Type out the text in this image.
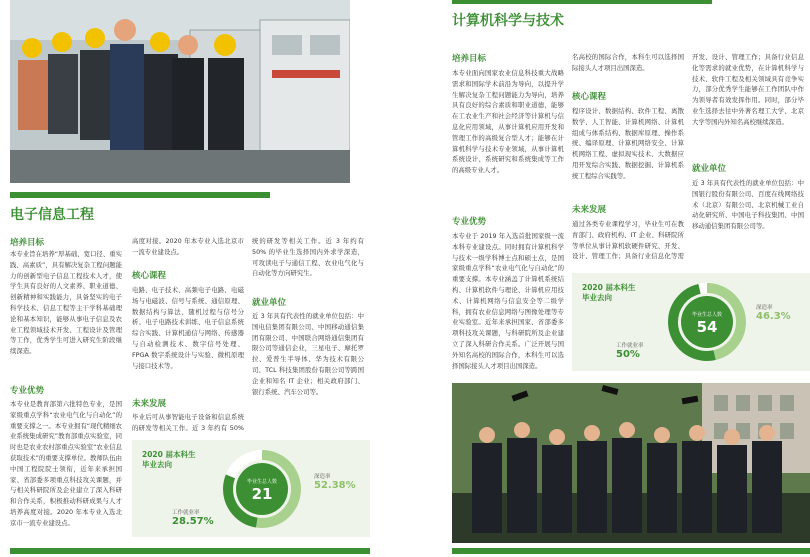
电子信息工程
培养目标
本专业旨在培养“厚基础、宽口径、重实践、高素质”，具有解决复杂工程问题能力的创新型电子信息工程技术人才，使学生具有良好的人文素养、职业道德、创新精神和实践能力，具备坚实的电子科学技术、信息工程等主干学科基础理论和基本知识，能够从事电子信息及农业工程领域技术开发、工程设计及管理等工作，优秀学生可进入研究生阶段继续深造。
专业优势
本专业是教育部第六批特色专业，是国家级重点学科“农业电气化与自动化”的重要支撑之一。本专业拥有“现代精细农业系统集成研究”教育部重点实验室，同时也是农业农村部重点实验室“农业信息获取技术”的重要支撑单位。教师队伍由中国工程院院士领衔，近年来承担国家、省部委多项重点科技攻关课题，并与相关科研院所及企业建立了深入科研和合作关系，积极推动科研成果与人才培养高度对接。2020 年本专业入选北京市一流专业建设点。
高度对接。2020 年本专业入选北京市一流专业建设点。
核心课程
电路、电子技术、高频电子电路、电磁场与电磁波、信号与系统、通信原理、数据结构与算法、随机过程与信号分析、电子电路技术训练、电子信息系统综合实践、计算机通信与网络、传感器与自动检测技术、数字信号处理、FPGA 数字系统设计与实验、微机原理与接口技术等。
未来发展
毕业后可从事智能电子设备和信息系统的研发等相关工作。近 3 年约有 50%
统的研发等相关工作。近 3 年约有 50% 的毕业生选择国内外求学深造，可攻读电子与通信工程、农业电气化与自动化等方向研究生。
就业单位
近 3 年具有代表性的就业单位包括：中国电信集团有限公司、中国移动通信集团有限公司、中国联合网络通信集团有限公司等通信企业，三星电子、摩托罗拉、爱普生半导体、华为技术有限公司、TCL 科技集团股份有限公司等跨国企业和知名 IT 企业；相关政府部门、银行系统、汽车公司等。
2020 届本科生毕业去向
毕业生总人数
21
深造率
52.38%
工作就业率
28.57%
计算机科学与技术
培养目标
本专业面向国家农业信息科技重大战略需求和国际学术前沿为导向，以提升学生解决复杂工程问题能力为导向，培养具有良好的综合素质和职业道德，能够在工农业生产和社会经济等计算机与信息化应用领域，从事计算机应用开发和管理工作的高级复合型人才；能够在计算机科学与技术专业领域，从事计算机系统设计、系统研究和系统集成等工作的高级专业人才。
专业优势
本专业于 2019 年入选首批国家级一流本科专业建设点。同时拥有计算机科学与技术一级学科博士点和硕士点，是国家级重点学科“农业电气化与自动化”的重要支撑。本专业涵盖了计算机系统结构、计算机软件与理论、计算机应用技术、计算机网络与信息安全等二级学科，拥有农业信息网络与图像处理等专业实验室。近年来承担国家、省部委多项科技攻关课题，与科研院所及企业建立了深入科研合作关系。广泛开展与国外知名高校的国际合作，本科生可以选择国际接头人才项目出国深造。
名高校的国际合作，本科生可以选择国际接头人才项目出国深造。
核心课程
程序设计、数据结构、软件工程、离散数学、人工智能、计算机网络、计算机组成与体系结构、数据库原理、操作系统、编译原理、计算机网络安全、计算机网络工程、虚拟现实技术、大数据应用开发综合实践、数据挖掘、计算机系统工程综合实践等。
未来发展
通过各类专业课程学习，毕业生可在教育部门、政府机构、IT 企业、科研院所等单位从事计算机软硬件研究、开发、设计、管理工作；具备行业信息化等需
开发、设计、管理工作；具备行业信息化等需求的就业优势，在计算机科学与技术、软件工程及相关领域具有竞争实力，部分优秀学生能够在工作团队中作为领导者有效发挥作用。同时，部分毕业生选择去往中外著名理工大学、北京大学等国内外知名高校继续深造。
就业单位
近 3 年具有代表性的就业单位包括：中国银行股份有限公司、百度在线网络技术（北京）有限公司、北京机械工业自动化研究所、中国电子科技集团、中国移动通信集团有限公司等。
2020 届本科生毕业去向
毕业生总人数
54
深造率
46.3%
工作就业率
50%
